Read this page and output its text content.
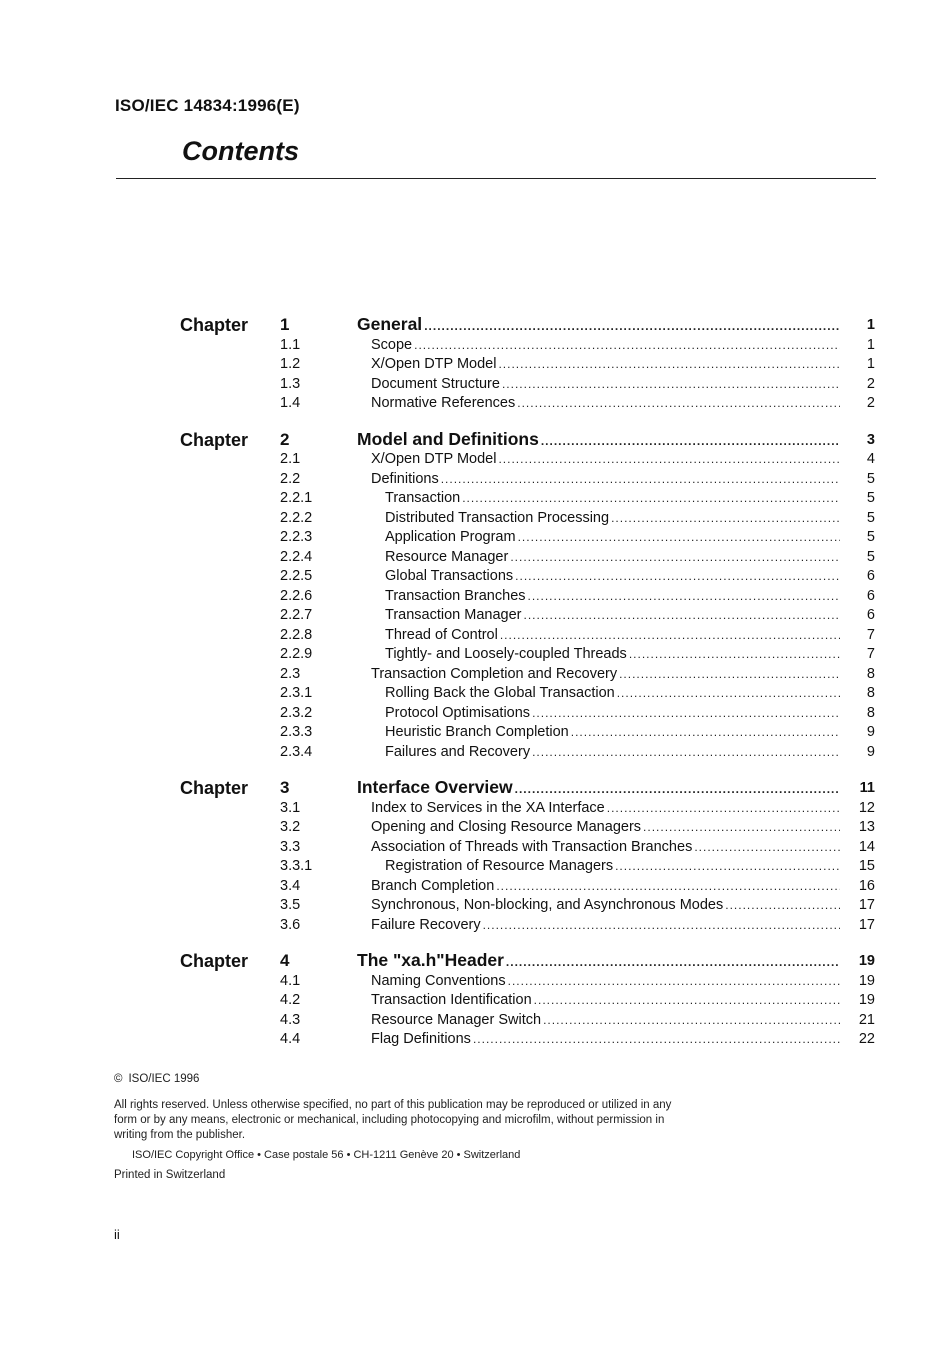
ISO/IEC 14834:1996(E)
Contents
Chapter 1	General .....	1
1.1	Scope .....	1
1.2	X/Open DTP Model .....	1
1.3	Document Structure .....	2
1.4	Normative References .....	2
Chapter 2	Model and Definitions .....	3
2.1	X/Open DTP Model .....	4
2.2	Definitions .....	5
2.2.1	Transaction .....	5
2.2.2	Distributed Transaction Processing .....	5
2.2.3	Application Program .....	5
2.2.4	Resource Manager .....	5
2.2.5	Global Transactions .....	6
2.2.6	Transaction Branches .....	6
2.2.7	Transaction Manager .....	6
2.2.8	Thread of Control .....	7
2.2.9	Tightly- and Loosely-coupled Threads .....	7
2.3	Transaction Completion and Recovery .....	8
2.3.1	Rolling Back the Global Transaction .....	8
2.3.2	Protocol Optimisations .....	8
2.3.3	Heuristic Branch Completion .....	9
2.3.4	Failures and Recovery .....	9
Chapter 3	Interface Overview .....	11
3.1	Index to Services in the XA Interface .....	12
3.2	Opening and Closing Resource Managers .....	13
3.3	Association of Threads with Transaction Branches .....	14
3.3.1	Registration of Resource Managers .....	15
3.4	Branch Completion .....	16
3.5	Synchronous, Non-blocking, and Asynchronous Modes .....	17
3.6	Failure Recovery .....	17
Chapter 4	The "xa.h"Header .....	19
4.1	Naming Conventions .....	19
4.2	Transaction Identification .....	19
4.3	Resource Manager Switch .....	21
4.4	Flag Definitions .....	22

© ISO/IEC 1996

All rights reserved. Unless otherwise specified, no part of this publication may be reproduced or utilized in any form or by any means, electronic or mechanical, including photocopying and microfilm, without permission in writing from the publisher.

ISO/IEC Copyright Office • Case postale 56 • CH-1211 Genève 20 • Switzerland

Printed in Switzerland

ii
